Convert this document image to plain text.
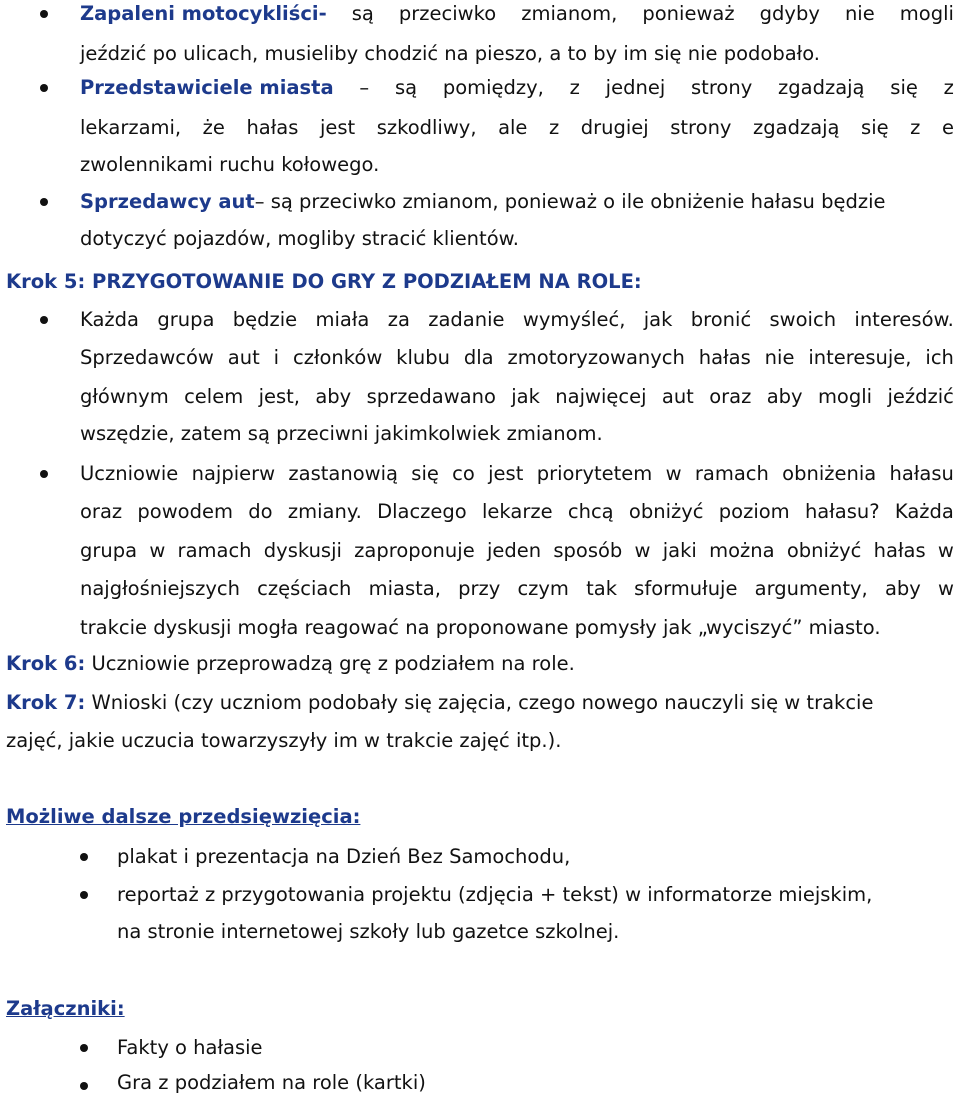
Zapaleni motocykliści- są przeciwko zmianom, ponieważ gdyby nie mogli
jeździć po ulicach, musieliby chodzić na pieszo, a to by im się nie podobało.
Przedstawiciele miasta – są pomiędzy, z jednej strony zgadzają się z
lekarzami, że hałas jest szkodliwy, ale z drugiej strony zgadzają się z e
zwolennikami ruchu kołowego.
Sprzedawcy aut– są przeciwko zmianom, ponieważ o ile obniżenie hałasu będzie
dotyczyć pojazdów, mogliby stracić klientów.
Krok 5: PRZYGOTOWANIE DO GRY Z PODZIAŁEM NA ROLE:
Każda grupa będzie miała za zadanie wymyśleć, jak bronić swoich interesów.
Sprzedawców aut i członków klubu dla zmotoryzowanych hałas nie interesuje, ich
głównym celem jest, aby sprzedawano jak najwięcej aut oraz aby mogli jeździć
wszędzie, zatem są przeciwni jakimkolwiek zmianom.
Uczniowie najpierw zastanowią się co jest priorytetem w ramach obniżenia hałasu
oraz powodem do zmiany. Dlaczego lekarze chcą obniżyć poziom hałasu? Każda
grupa w ramach dyskusji zaproponuje jeden sposób w jaki można obniżyć hałas w
najgłośniejszych częściach miasta, przy czym tak sformułuje argumenty, aby w
trakcie dyskusji mogła reagować na proponowane pomysły jak „wyciszyć” miasto.
Krok 6: Uczniowie przeprowadzą grę z podziałem na role.
Krok 7: Wnioski (czy uczniom podobały się zajęcia, czego nowego nauczyli się w trakcie
zajęć, jakie uczucia towarzyszyły im w trakcie zajęć itp.).
Możliwe dalsze przedsięwzięcia:
plakat i prezentacja na Dzień Bez Samochodu,
reportaż z przygotowania projektu (zdjęcia + tekst) w informatorze miejskim,
na stronie internetowej szkoły lub gazetce szkolnej.
Załączniki:
Fakty o hałasie
Gra z podziałem na role (kartki)
